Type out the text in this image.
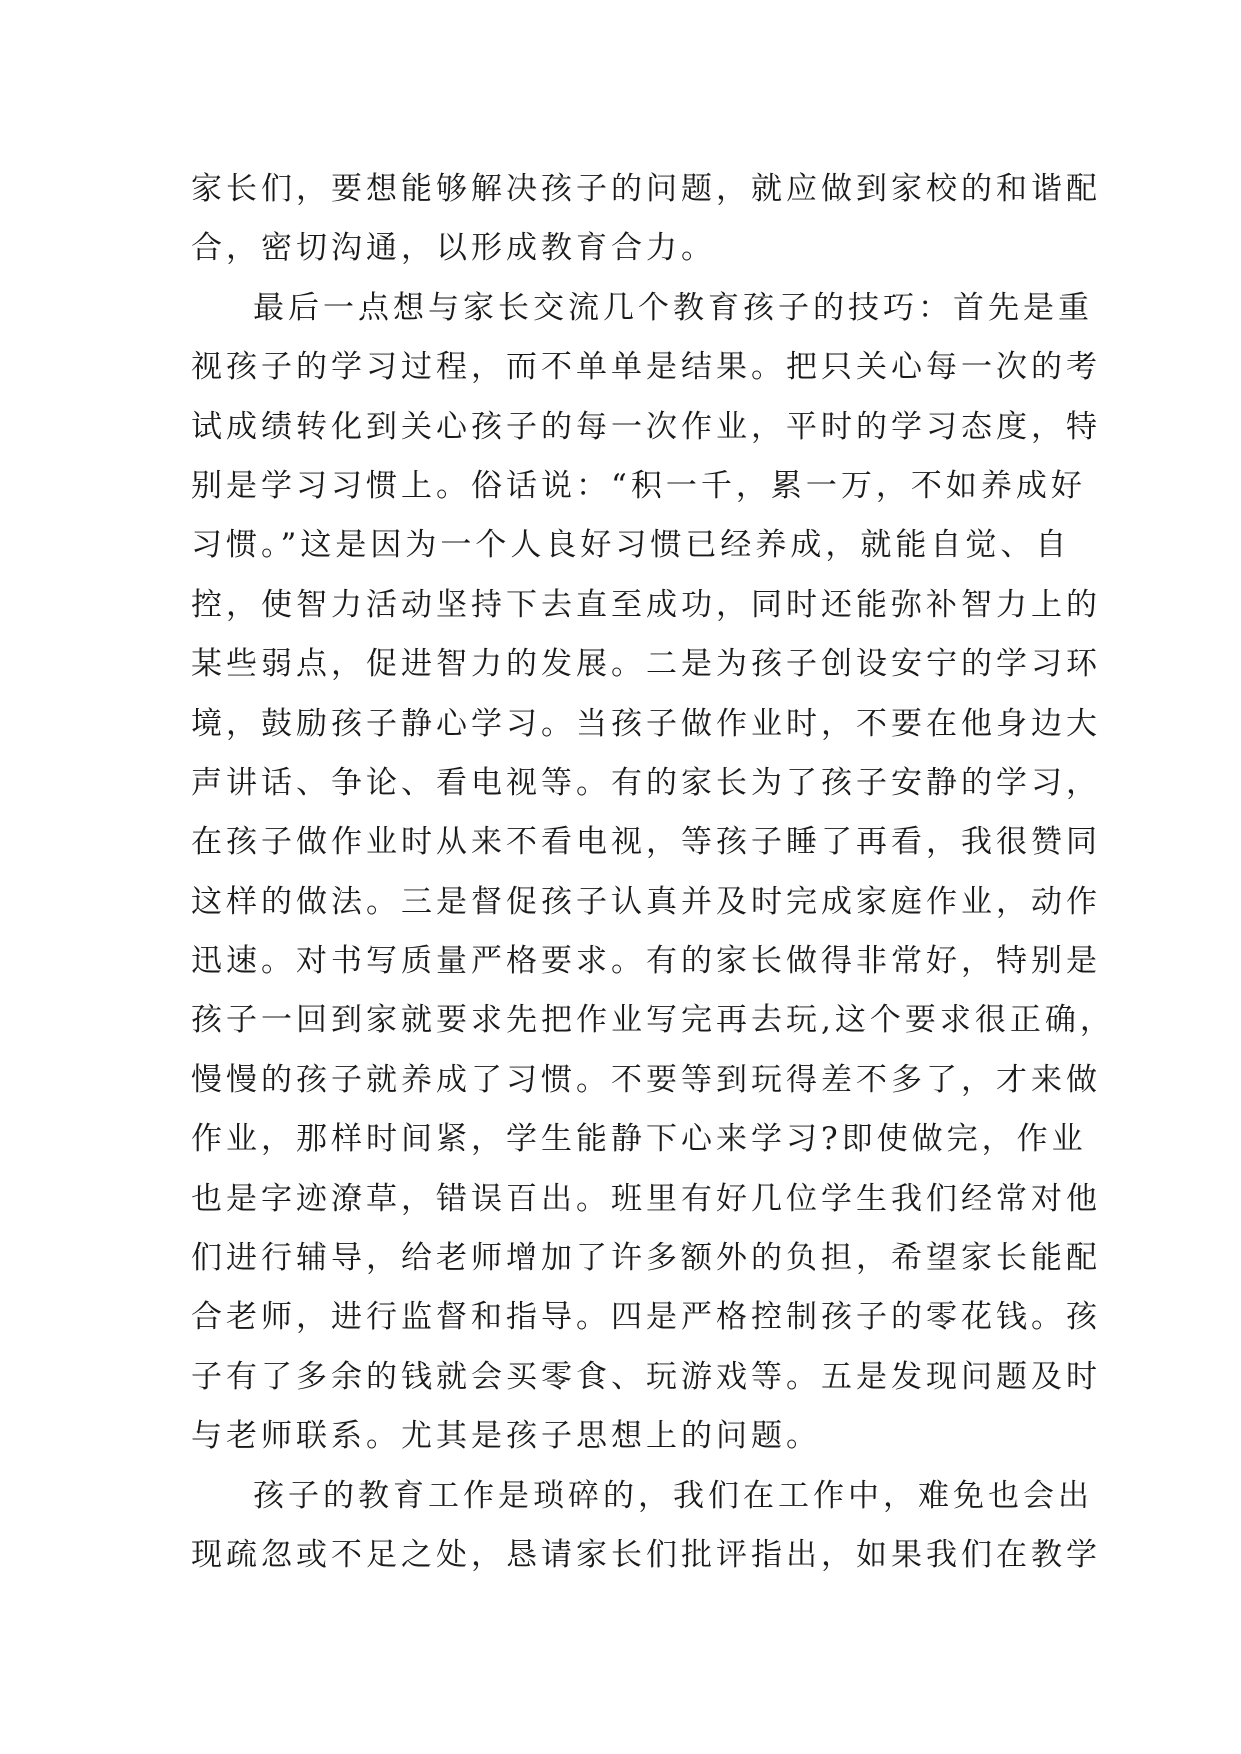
家长们，要想能够解决孩子的问题，就应做到家校的和谐配
合，密切沟通，以形成教育合力。
最后一点想与家长交流几个教育孩子的技巧：首先是重
视孩子的学习过程，而不单单是结果。把只关心每一次的考
试成绩转化到关心孩子的每一次作业，平时的学习态度，特
别是学习习惯上。俗话说：“积一千，累一万，不如养成好
习惯。”这是因为一个人良好习惯已经养成，就能自觉、自
控，使智力活动坚持下去直至成功，同时还能弥补智力上的
某些弱点，促进智力的发展。二是为孩子创设安宁的学习环
境，鼓励孩子静心学习。当孩子做作业时，不要在他身边大
声讲话、争论、看电视等。有的家长为了孩子安静的学习，
在孩子做作业时从来不看电视，等孩子睡了再看，我很赞同
这样的做法。三是督促孩子认真并及时完成家庭作业，动作
迅速。对书写质量严格要求。有的家长做得非常好，特别是
孩子一回到家就要求先把作业写完再去玩,这个要求很正确，
慢慢的孩子就养成了习惯。不要等到玩得差不多了，才来做
作业，那样时间紧，学生能静下心来学习?即使做完，作业
也是字迹潦草，错误百出。班里有好几位学生我们经常对他
们进行辅导，给老师增加了许多额外的负担，希望家长能配
合老师，进行监督和指导。四是严格控制孩子的零花钱。孩
子有了多余的钱就会买零食、玩游戏等。五是发现问题及时
与老师联系。尤其是孩子思想上的问题。
孩子的教育工作是琐碎的，我们在工作中，难免也会出
现疏忽或不足之处，恳请家长们批评指出，如果我们在教学
